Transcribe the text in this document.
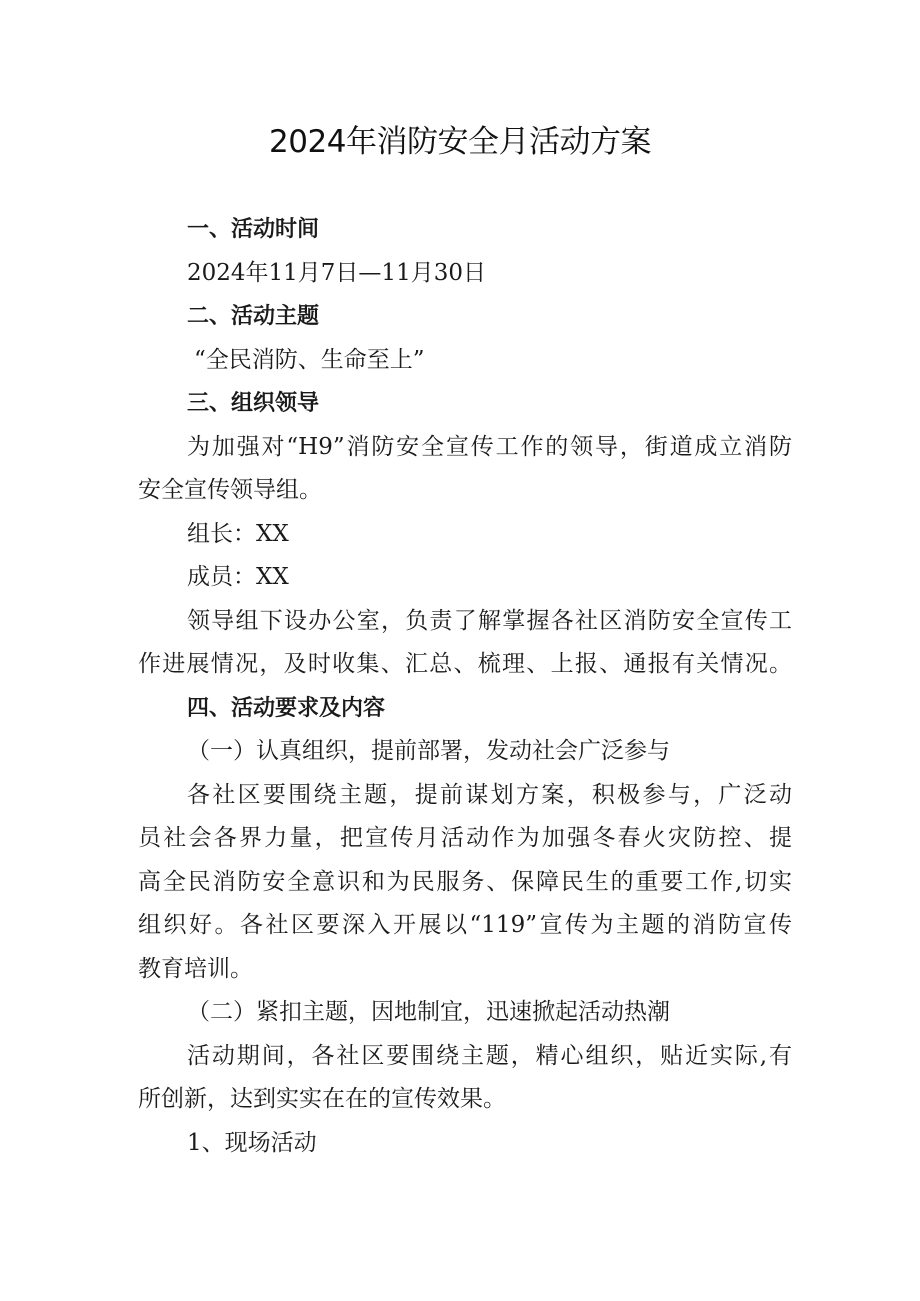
2024年消防安全月活动方案
一、活动时间
2024年11月7日—11月30日
二、活动主题
“全民消防、生命至上”
三、组织领导
为加强对“H9”消防安全宣传工作的领导，街道成立消防
安全宣传领导组。
组长：XX
成员：XX
领导组下设办公室，负责了解掌握各社区消防安全宣传工
作进展情况，及时收集、汇总、梳理、上报、通报有关情况。
四、活动要求及内容
（一）认真组织，提前部署，发动社会广泛参与
各社区要围绕主题，提前谋划方案，积极参与，广泛动
员社会各界力量，把宣传月活动作为加强冬春火灾防控、提
高全民消防安全意识和为民服务、保障民生的重要工作,切实
组织好。各社区要深入开展以“119”宣传为主题的消防宣传
教育培训。
（二）紧扣主题，因地制宜，迅速掀起活动热潮
活动期间，各社区要围绕主题，精心组织，贴近实际,有
所创新，达到实实在在的宣传效果。
1、现场活动
